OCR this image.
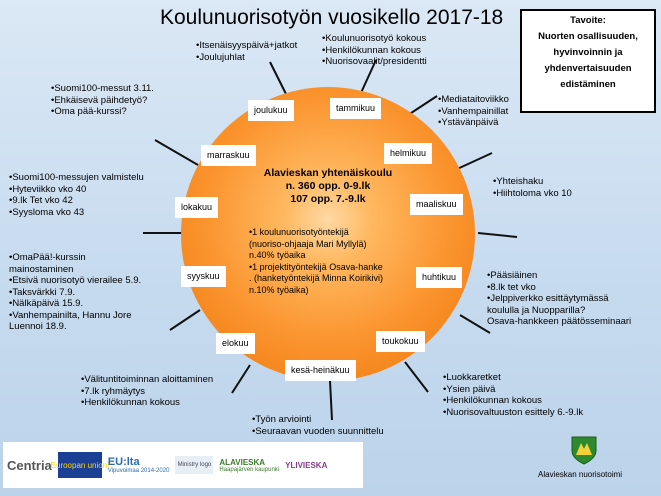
Koulunuorisotyön vuosikello 2017-18	Tavoite:
Nuorten osallisuuden,
hyvinvoinnin ja
yhdenvertaisuuden
edistäminen
joulukuu	tammikuu
helmikuu
maaliskuu
huhtikuu
toukokuu
kesä-heinäkuu
elokuu
syyskuu
lokakuu
marraskuu
Alavieskan yhtenäiskoulu
n. 360 opp. 0-9.lk
107 opp. 7.-9.lk
•1 koulunuorisotyöntekijä
(nuoriso-ohjaaja Mari Myllylä)
n.40% työaika
•1 projektityöntekijä Osava-hanke
. (hanketyöntekijä Minna Koirikivi)
n.10% työaika)
•Itsenäisyyspäivä+jatkot
•Joulujuhlat
•Koulunuorisotyö kokous
•Henkilökunnan kokous
•Nuorisovaalit/presidentti
•Mediataitoviikko
•Vanhempainillat
•Ystävänpäivä
•Yhteishaku
•Hiihtoloma vko 10
•Pääsiäinen
•8.lk tet vko
•Jelppiverkko esittäytymässä
koululla ja Nuopparilla?
Osava-hankkeen päätösseminaari
•Luokkaretket
•Ysien päivä
•Henkilökunnan kokous
•Nuorisovaltuuston esittely 6.-9.lk
•Työn arviointi
•Seuraavan vuoden suunnittelu
•Välituntitoiminnan aloittaminen
•7.lk ryhmäytys
•Henkilökunnan kokous
•OmaPää!-kurssin
mainostaminen
•Etsivä nuorisotyö vierailee 5.9.
•Taksvärkki 7.9.
•Nälkäpäivä 15.9.
•Vanhempainilta, Hannu Jore
Luennoi 18.9.
•Suomi100-messujen valmistelu
•Hyteviikko vko 40
•9.lk Tet vko 42
•Syysloma vko 43
•Suomi100-messut 3.11.
•Ehkäisevä päihdetyö?
•Oma pää-kurssi?
Centria
Euroopan unioni
EU:lta
Vipuvoimaa 2014-2020
Ministry logo ALAVIESKA
Haapajärven kaupunki YLIVIESKA
Alavieskan nuorisotoimi
